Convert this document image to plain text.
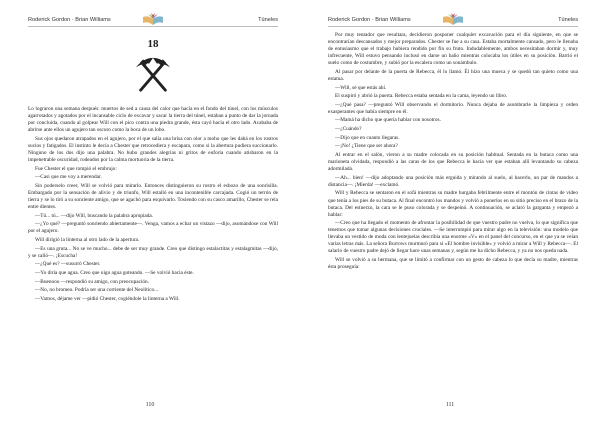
Roderick Gordon · Brian Williams	Túneles
18

Lo lograron una semana después: muertos de sed a causa del calor que hacía en el fondo del túnel, con los músculos agarrotados y agotados por el incansable ciclo de excavar y sacar la tierra del túnel, estaban a punto de dar la jornada por concluida, cuando al golpear Will con el pico contra una piedra grande, ésta cayó hacia el otro lado. Acababa de abrirse ante ellos un agujero tan oscuro como la boca de un lobo.

Sus ojos quedaron atrapados en el agujero, por el que salía una brisa con olor a moho que les dabá en los rostros sucios y fatigados. El instinto le decía a Chester que retrocediera y escapara, como si la abertura pudiera succionarlo. Ninguno de los dos dijo una palabra. No hubo grandes alegrías ni gritos de euforia cuando atisbaron en la impenetrable oscuridad, rodeados por la calma mortuoria de la tierra.

Fue Chester el que rompió el embrujo:

—Casi que me voy a merendar.

Sin poderselo creer, Will se volvió para mirarlo. Entonces distinguieron su rostro el esbozo de una sonrisilla. Embargado por la sensación de alivio y de triunfo, Will estalló en una incontenible carcajada. Cogió un terrón de tierra y se lo tiró a su sonriente amigo, que se agachó para esquivarlo. Tosiendo con su casco amarillo, Chester se reía entre dientes.

—Tú... tú... —dijo Will, buscando la palabra apropiada.

—¿Yo qué? —preguntó sonriendo abiertamente—. Venga, vamos a echar un vistazo —dijo, asomándose con Will por el agujero.

Will dirigió la linterna al otro lado de la apertura.

—Es una gruta... No se ve mucho... debe de ser muy grande. Creo que distingo estalactitas y estalagmitas —dijo, y se calló—. ¡Escucha!

—¿Qué es? —susurró Chester.

—Yo diría que agua. Creo que oigo agua goteando. —Se volvió hacia éste.

—Buenooo —respondió su amigo, con preocupación.

—No, no bromeo. Podría ser una corriente del Neolítico...

—Vamos, déjame ver —pidió Chester, cogiéndole la linterna a Will.

110
Roderick Gordon · Brian Williams	Túneles

Por muy tentador que resultara, decidieron posponer cualquier excavación para el día siguiente, en que se encontrarían descansados y mejor preparados. Chester se fue a su casa. Estaba mortalmente cansado, pero le llenaba de entusiasmo que el trabajo hubiera rendido por fin su fruto. Indudablemente, ambos necesitaban dormir y, muy infrecuente, Will estuvo pensando inclusó en darse un baño mientras colocaba los útiles en su posición. Barrió el suelo como de costumbre, y subió por la escalera como un sonámbulo.

Al pasar por delante de la puerta de Rebecca, él lo llamó. Él hizo una mueca y se quedó tan quieto como una estatua.

—Will, sé que estás ahí.

El suspiró y abrió la puerta. Rebecca estaba sentada en la cama, leyendo un libro.

—¿Qué pasa? —preguntó Will observando el dormitorio. Nunca dejaba de asombrarle la limpieza y orden exasperantes que había siempre en él.

—Mamá ha dicho que quería hablar con nosotros.

—¿Cuándo?

—Dijo que en cuanto llegaras.

—¡No! ¿Tiene que ser ahora?

Al entrar en el salón, vieron a su madre colocada en su posición habitual. Sentada en la butaca como una marioneta olvidada, respondió a las caras de los que Rebecca le hacía ver que estaban allí levantando su cabeza adormilada.

—Ah... bien! —dijo adoptando una posición más erguida y mirando al suelo, al hacerlo, un par de mandos a distancia—. ¡Mierda! —exclamó.

Will y Rebecca se sentaron en el sofá mientras su madre hurgaba febrilmente entre el montón de cintas de vídeo que tenía a los pies de su butaca. Al final encontró los mandos y volvió a ponerlos en su sitio preciso en el brazo de la butaca. Del estuerzo, la cara se le puso colorada y se despeinó. A continuación, se aclaró la garganta y empezó a hablar:

—Creo que ha llegado el momento de afrontar la posibilidad de que vuestro padre no vuelva, lo que significa que tenemos que tomar algunas decisiones cruciales. —Se interrumpió para mirar algo en la televisión: una modelo que llevaba un vestido de moda con lentejuelas describía una enorme «V» en el panel del concurso, en el que ya se veían varias letras más. La señora Burrows murmuró para sí «El hombre invisible» y volvió a mirar a Will y Rebecca—. El salario de vuestro padre dejó de llegar hace unas semanas y, según me ha dicho Rebecca, y ya no nos queda nada.

Will se volvió a su hermana, que se limitó a confirmar con un gesto de cabeza lo que decía su madre, mientras ésta proseguía:

111
